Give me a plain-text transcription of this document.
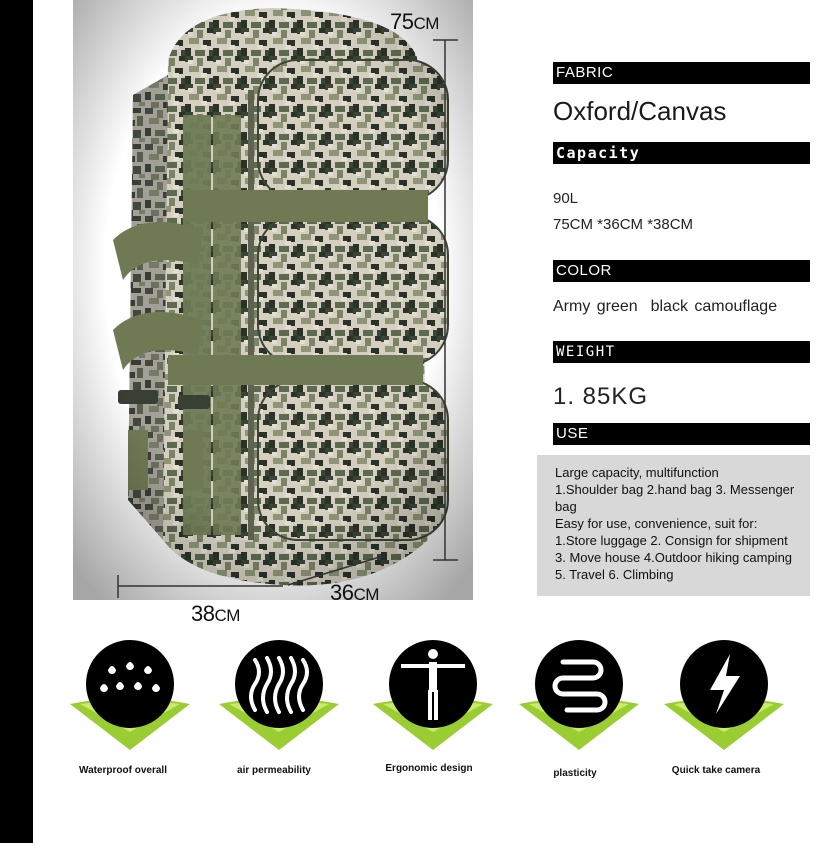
75CM
38CM
36CM
FABRIC
Oxford/Canvas
Capacity
90L
75CM *36CM *38CM
COLOR
Army green  black camouflage
WEIGHT
1. 85KG
USE
Large capacity, multifunction
1.Shoulder bag 2.hand bag 3. Messenger
bag
Easy for use, convenience, suit for:
1.Store luggage 2. Consign for shipment
3. Move house 4.Outdoor hiking camping
5. Travel 6. Climbing
Waterproof overall	air permeability	Ergonomic design	plasticity	Quick take camera
